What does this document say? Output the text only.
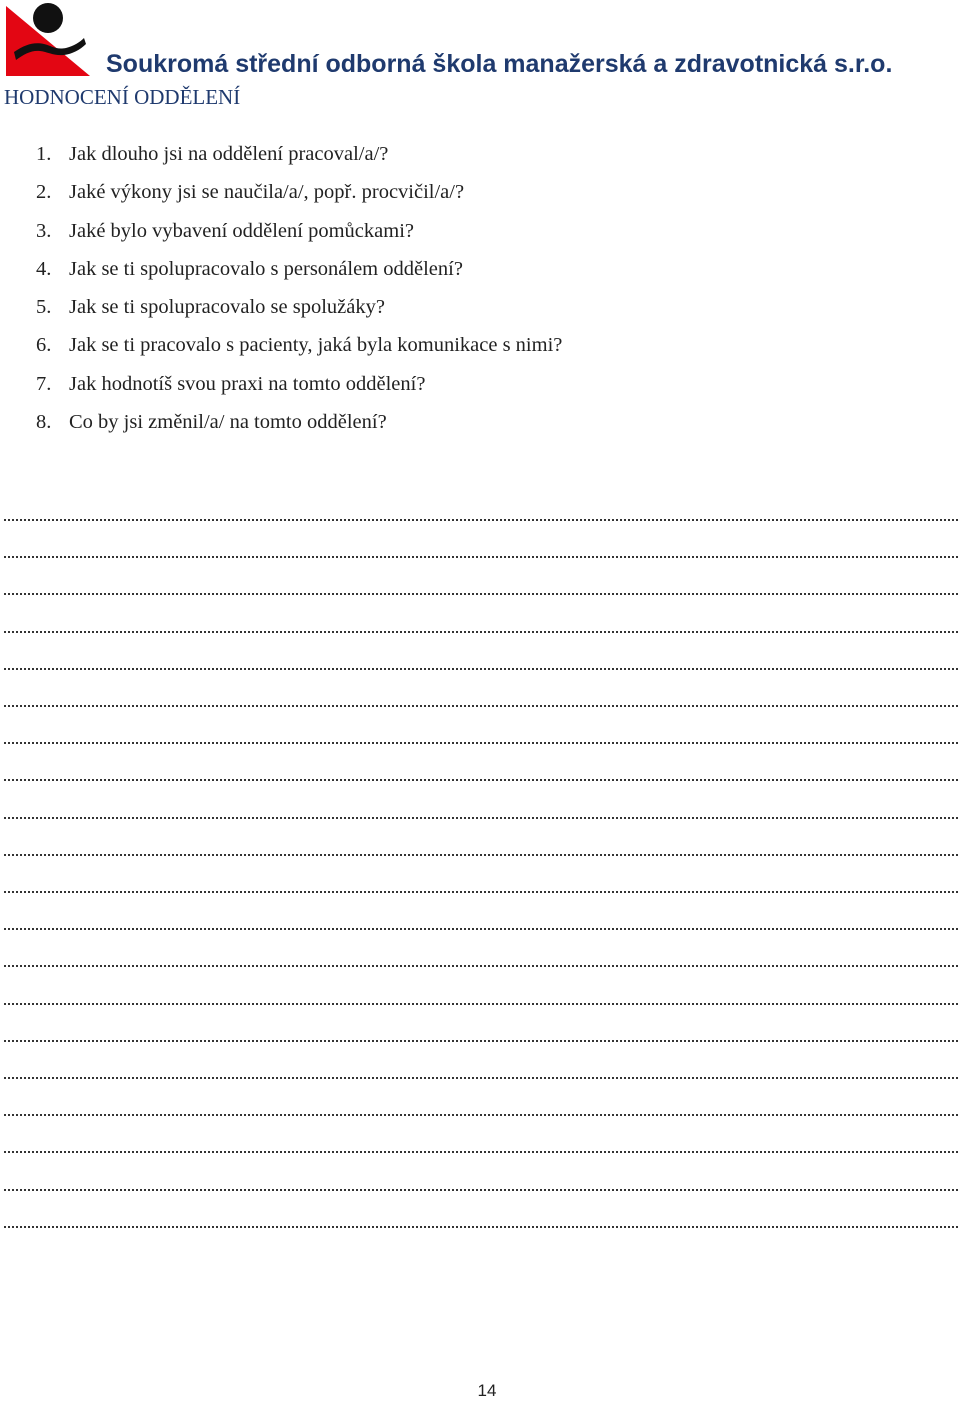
Soukromá střední odborná škola manažerská a zdravotnická s.r.o.
HODNOCENÍ ODDĚLENÍ
1. Jak dlouho jsi na oddělení pracoval/a/?
2. Jaké výkony jsi se naučila/a/, popř. procvičil/a/?
3. Jaké bylo vybavení oddělení pomůckami?
4. Jak se ti spolupracovalo s personálem oddělení?
5. Jak se ti spolupracovalo se spolužáky?
6. Jak se ti pracovalo s pacienty, jaká byla komunikace s nimi?
7. Jak hodnotíš svou praxi na tomto oddělení?
8. Co by jsi změnil/a/ na tomto oddělení?
14
